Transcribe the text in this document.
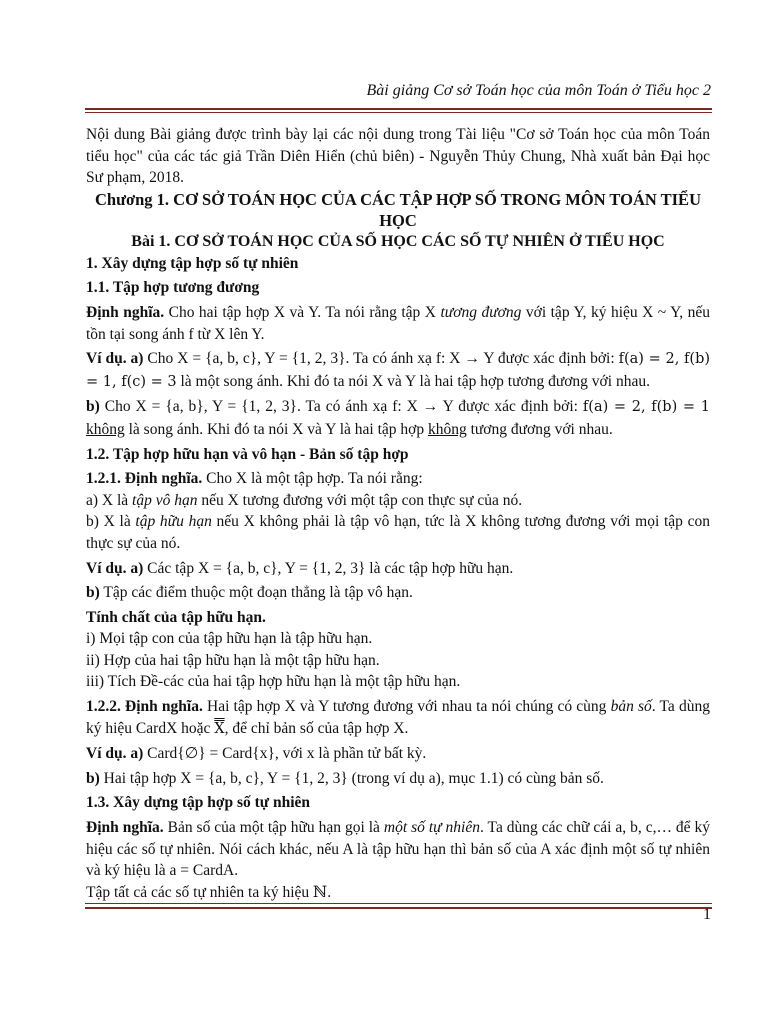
Bài giảng Cơ sở Toán học của môn Toán ở Tiểu học 2

Nội dung Bài giảng được trình bày lại các nội dung trong Tài liệu "Cơ sở Toán học của môn Toán tiểu học" của các tác giả Trần Diên Hiển (chủ biên) - Nguyễn Thủy Chung, Nhà xuất bản Đại học Sư phạm, 2018.

Chương 1. CƠ SỞ TOÁN HỌC CỦA CÁC TẬP HỢP SỐ TRONG MÔN TOÁN TIỂU HỌC

Bài 1. CƠ SỞ TOÁN HỌC CỦA SỐ HỌC CÁC SỐ TỰ NHIÊN Ở TIỂU HỌC

1. Xây dựng tập hợp số tự nhiên

1.1. Tập hợp tương đương

Định nghĩa. Cho hai tập hợp X và Y. Ta nói rằng tập X tương đương với tập Y, ký hiệu X ~ Y, nếu tồn tại song ánh f từ X lên Y.

Ví dụ. a) Cho X = {a, b, c}, Y = {1, 2, 3}. Ta có ánh xạ f: X → Y được xác định bởi: f(a) = 2, f(b) = 1, f(c) = 3 là một song ánh. Khi đó ta nói X và Y là hai tập hợp tương đương với nhau.

b) Cho X = {a, b}, Y = {1, 2, 3}. Ta có ánh xạ f: X → Y được xác định bởi: f(a) = 2, f(b) = 1 không là song ánh. Khi đó ta nói X và Y là hai tập hợp không tương đương với nhau.

1.2. Tập hợp hữu hạn và vô hạn - Bản số tập hợp

1.2.1. Định nghĩa. Cho X là một tập hợp. Ta nói rằng:

a) X là tập vô hạn nếu X tương đương với một tập con thực sự của nó.

b) X là tập hữu hạn nếu X không phải là tập vô hạn, tức là X không tương đương với mọi tập con thực sự của nó.

Ví dụ. a) Các tập X = {a, b, c}, Y = {1, 2, 3} là các tập hợp hữu hạn.

b) Tập các điểm thuộc một đoạn thẳng là tập vô hạn.

Tính chất của tập hữu hạn.

i) Mọi tập con của tập hữu hạn là tập hữu hạn.

ii) Hợp của hai tập hữu hạn là một tập hữu hạn.

iii) Tích Đề-các của hai tập hợp hữu hạn là một tập hữu hạn.

1.2.2. Định nghĩa. Hai tập hợp X và Y tương đương với nhau ta nói chúng có cùng bản số. Ta dùng ký hiệu CardX hoặc X, để chỉ bản số của tập hợp X.

Ví dụ. a) Card{∅} = Card{x}, với x là phần tử bất kỳ.

b) Hai tập hợp X = {a, b, c}, Y = {1, 2, 3} (trong ví dụ a), mục 1.1) có cùng bản số.

1.3. Xây dựng tập hợp số tự nhiên

Định nghĩa. Bản số của một tập hữu hạn gọi là một số tự nhiên. Ta dùng các chữ cái a, b, c,… để ký hiệu các số tự nhiên. Nói cách khác, nếu A là tập hữu hạn thì bản số của A xác định một số tự nhiên và ký hiệu là a = CardA.

Tập tất cả các số tự nhiên ta ký hiệu ℕ.

1
